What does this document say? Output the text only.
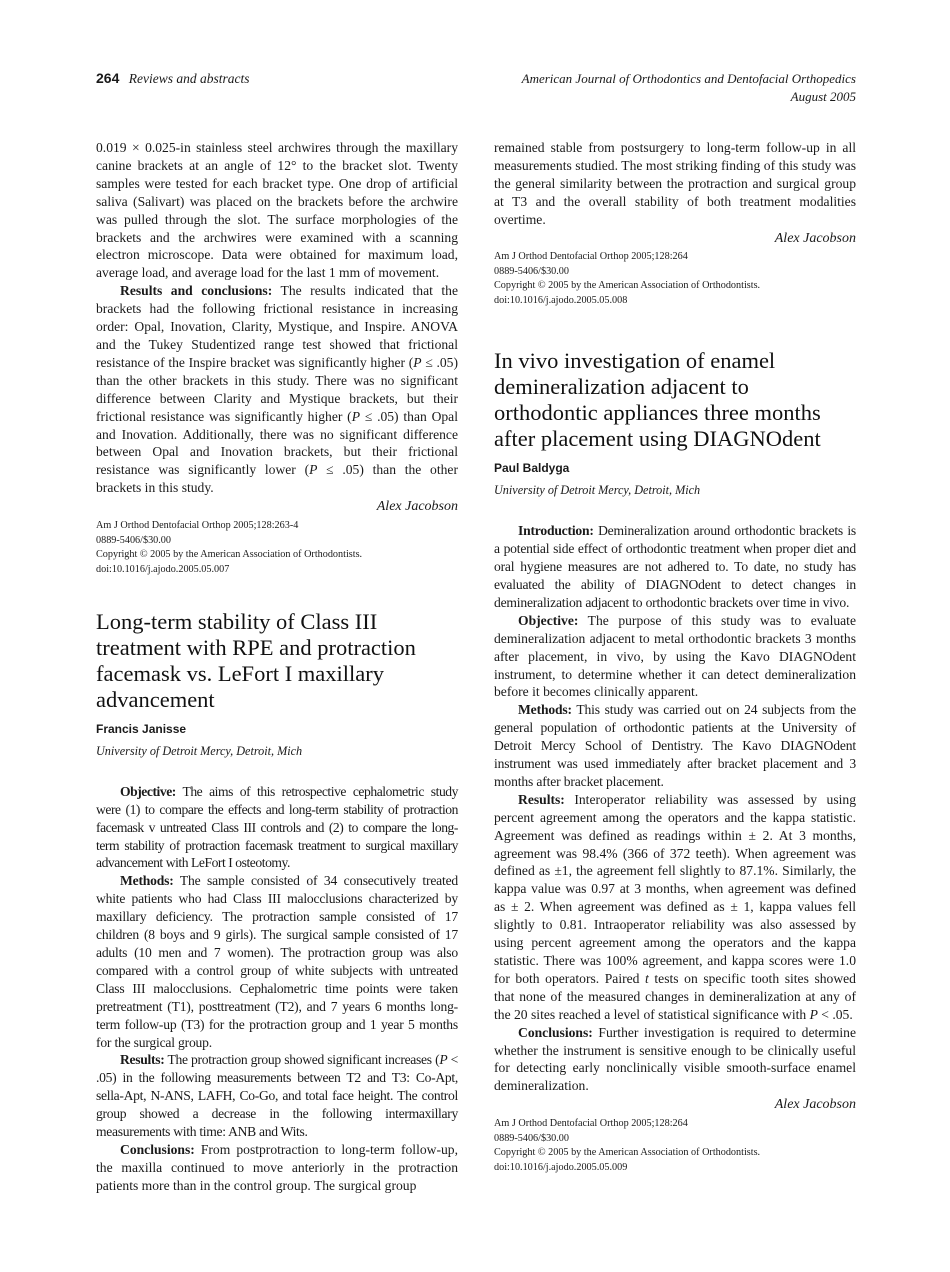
264 Reviews and abstracts	American Journal of Orthodontics and Dentofacial Orthopedics
August 2005

0.019 × 0.025-in stainless steel archwires through the maxillary canine brackets at an angle of 12° to the bracket slot. Twenty samples were tested for each bracket type. One drop of artificial saliva (Salivart) was placed on the brackets before the archwire was pulled through the slot. The surface morphologies of the brackets and the archwires were examined with a scanning electron microscope. Data were obtained for maximum load, average load, and average load for the last 1 mm of movement.

Results and conclusions: The results indicated that the brackets had the following frictional resistance in increasing order: Opal, Inovation, Clarity, Mystique, and Inspire. ANOVA and the Tukey Studentized range test showed that frictional resistance of the Inspire bracket was significantly higher (P ≤ .05) than the other brackets in this study. There was no significant difference between Clarity and Mystique brackets, but their frictional resistance was significantly higher (P ≤ .05) than Opal and Inovation. Additionally, there was no significant difference between Opal and Inovation brackets, but their frictional resistance was significantly lower (P ≤ .05) than the other brackets in this study.

Alex Jacobson
Am J Orthod Dentofacial Orthop 2005;128:263-4
0889-5406/$30.00
Copyright © 2005 by the American Association of Orthodontists.
doi:10.1016/j.ajodo.2005.05.007
Long-term stability of Class III treatment with RPE and protraction facemask vs. LeFort I maxillary advancement
Francis Janisse
University of Detroit Mercy, Detroit, Mich

Objective: The aims of this retrospective cephalometric study were (1) to compare the effects and long-term stability of protraction facemask v untreated Class III controls and (2) to compare the long-term stability of protraction facemask treatment to surgical maxillary advancement with LeFort I osteotomy.

Methods: The sample consisted of 34 consecutively treated white patients who had Class III malocclusions characterized by maxillary deficiency. The protraction sample consisted of 17 children (8 boys and 9 girls). The surgical sample consisted of 17 adults (10 men and 7 women). The protraction group was also compared with a control group of white subjects with untreated Class III malocclusions. Cephalometric time points were taken pretreatment (T1), posttreatment (T2), and 7 years 6 months long-term follow-up (T3) for the protraction group and 1 year 5 months for the surgical group.

Results: The protraction group showed significant increases (P < .05) in the following measurements between T2 and T3: Co-Apt, sella-Apt, N-ANS, LAFH, Co-Go, and total face height. The control group showed a decrease in the following intermaxillary measurements with time: ANB and Wits.

Conclusions: From postprotraction to long-term follow-up, the maxilla continued to move anteriorly in the protraction patients more than in the control group. The surgical group

remained stable from postsurgery to long-term follow-up in all measurements studied. The most striking finding of this study was the general similarity between the protraction and surgical group at T3 and the overall stability of both treatment modalities overtime.

Alex Jacobson
Am J Orthod Dentofacial Orthop 2005;128:264
0889-5406/$30.00
Copyright © 2005 by the American Association of Orthodontists.
doi:10.1016/j.ajodo.2005.05.008
In vivo investigation of enamel demineralization adjacent to orthodontic appliances three months after placement using DIAGNOdent
Paul Baldyga
University of Detroit Mercy, Detroit, Mich

Introduction: Demineralization around orthodontic brackets is a potential side effect of orthodontic treatment when proper diet and oral hygiene measures are not adhered to. To date, no study has evaluated the ability of DIAGNOdent to detect changes in demineralization adjacent to orthodontic brackets over time in vivo.

Objective: The purpose of this study was to evaluate demineralization adjacent to metal orthodontic brackets 3 months after placement, in vivo, by using the Kavo DIAGNOdent instrument, to determine whether it can detect demineralization before it becomes clinically apparent.

Methods: This study was carried out on 24 subjects from the general population of orthodontic patients at the University of Detroit Mercy School of Dentistry. The Kavo DIAGNOdent instrument was used immediately after bracket placement and 3 months after bracket placement.

Results: Interoperator reliability was assessed by using percent agreement among the operators and the kappa statistic. Agreement was defined as readings within ± 2. At 3 months, agreement was 98.4% (366 of 372 teeth). When agreement was defined as ±1, the agreement fell slightly to 87.1%. Similarly, the kappa value was 0.97 at 3 months, when agreement was defined as ± 2. When agreement was defined as ± 1, kappa values fell slightly to 0.81. Intraoperator reliability was also assessed by using percent agreement among the operators and the kappa statistic. There was 100% agreement, and kappa scores were 1.0 for both operators. Paired t tests on specific tooth sites showed that none of the measured changes in demineralization at any of the 20 sites reached a level of statistical significance with P < .05.

Conclusions: Further investigation is required to determine whether the instrument is sensitive enough to be clinically useful for detecting early nonclinically visible smooth-surface enamel demineralization.

Alex Jacobson
Am J Orthod Dentofacial Orthop 2005;128:264
0889-5406/$30.00
Copyright © 2005 by the American Association of Orthodontists.
doi:10.1016/j.ajodo.2005.05.009
